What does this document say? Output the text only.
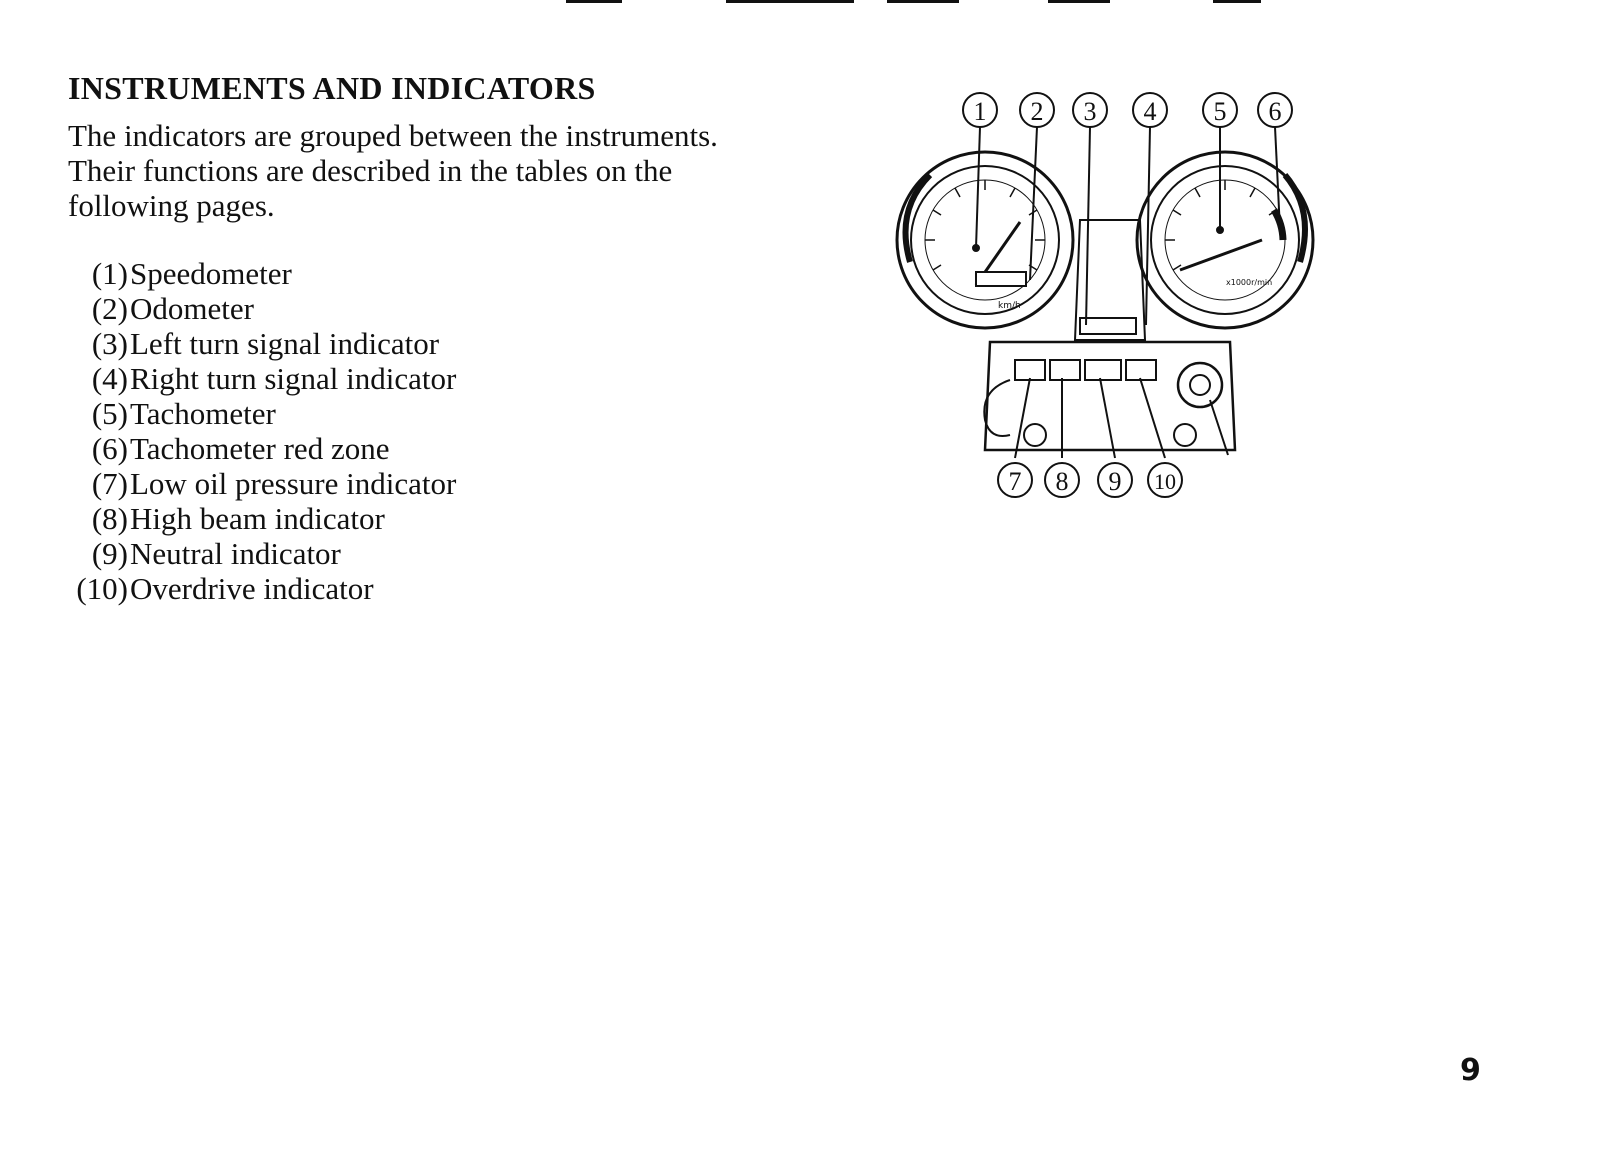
INSTRUMENTS AND INDICATORS

The indicators are grouped between the instruments. Their functions are described in the tables on the following pages.

(1) Speedometer
(2) Odometer
(3) Left turn signal indicator
(4) Right turn signal indicator
(5) Tachometer
(6) Tachometer red zone
(7) Low oil pressure indicator
(8) High beam indicator
(9) Neutral indicator
(10) Overdrive indicator
1 2 3 4 5 6
km/h
x1000r/min
7 8 9 10
9
